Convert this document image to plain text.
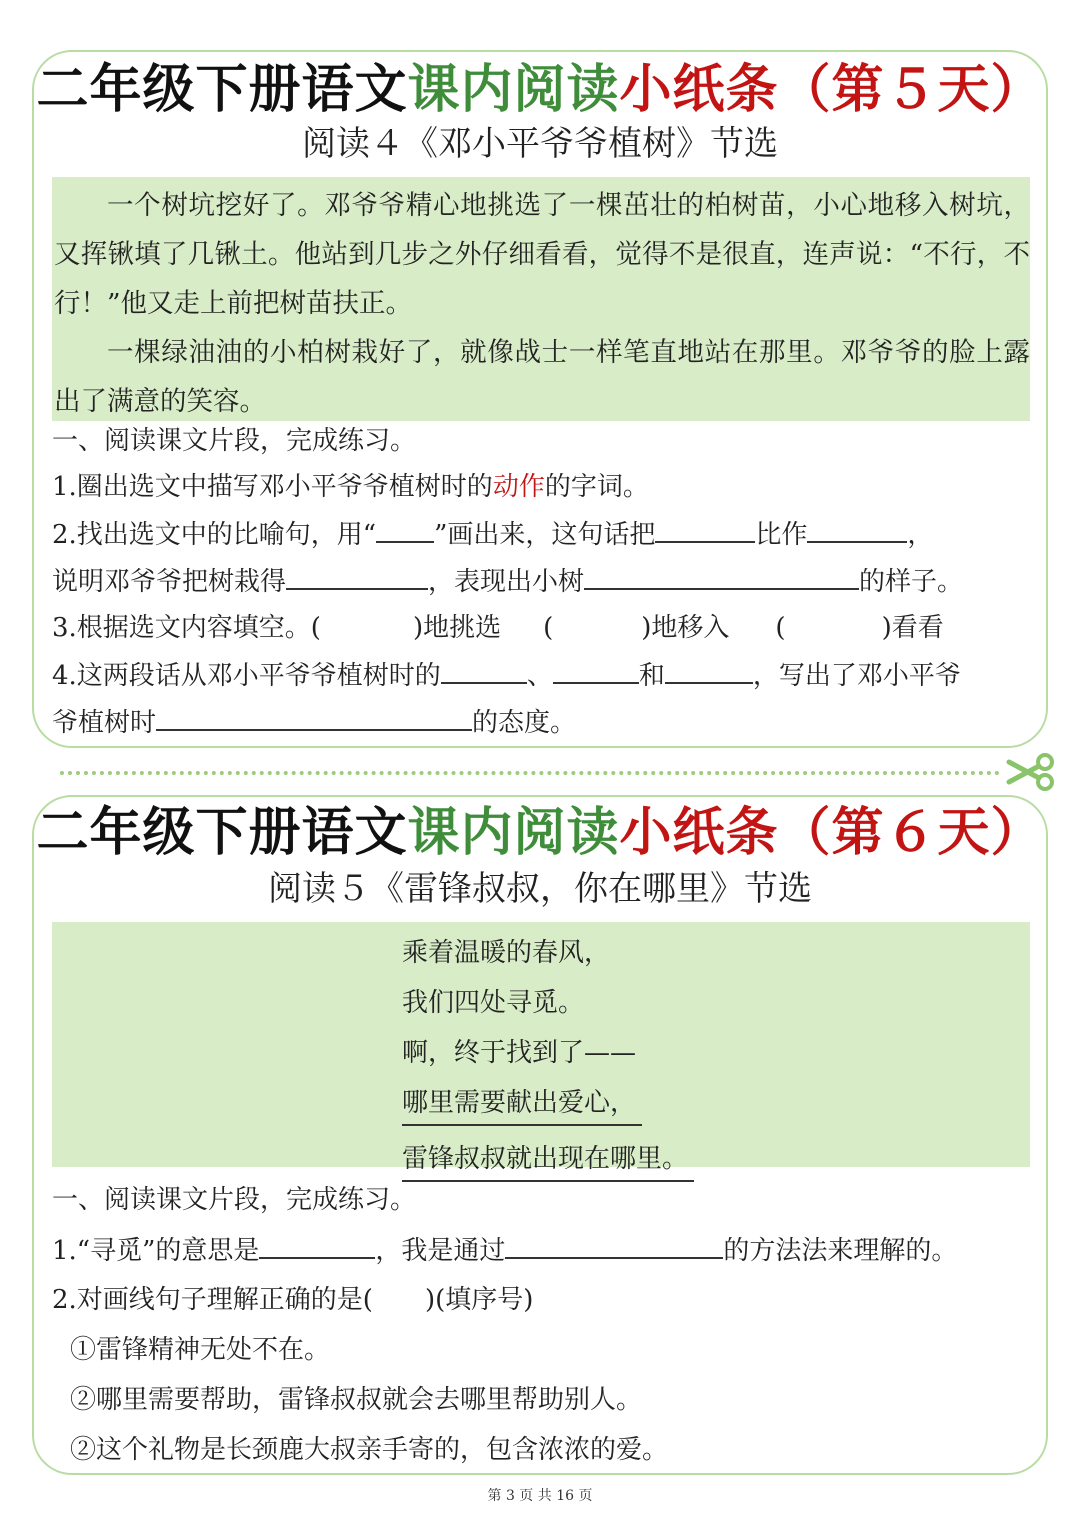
二年级下册语文课内阅读小纸条（第５天）
阅读４《邓小平爷爷植树》节选

一个树坑挖好了。邓爷爷精心地挑选了一棵茁壮的柏树苗，小心地移入树坑，又挥锹填了几锹土。他站到几步之外仔细看看，觉得不是很直，连声说：“不行，不行！”他又走上前把树苗扶正。

一棵绿油油的小柏树栽好了，就像战士一样笔直地站在那里。邓爷爷的脸上露出了满意的笑容。

一、阅读课文片段，完成练习。
1.圈出选文中描写邓小平爷爷植树时的动作的字词。
2.找出选文中的比喻句，用“ ”画出来，这句话把	比作	，
说明邓爷爷把树栽得	，表现出小树	的样子。
3.根据选文内容填空。(	)地挑选 (	)地移入 (	)看看
4.这两段话从邓小平爷爷植树时的	、	和	，写出了邓小平爷
爷植树时	的态度。
二年级下册语文课内阅读小纸条（第６天）
阅读５《雷锋叔叔，你在哪里》节选
乘着温暖的春风，
我们四处寻觅。
啊，终于找到了——
哪里需要献出爱心，
雷锋叔叔就出现在哪里。
一、阅读课文片段，完成练习。
1.“寻觅”的意思是	，我是通过	的方法法来理解的。
2.对画线句子理解正确的是(　　)(填序号)
①雷锋精神无处不在。
②哪里需要帮助，雷锋叔叔就会去哪里帮助别人。
②这个礼物是长颈鹿大叔亲手寄的，包含浓浓的爱。
第 3 页 共 16 页
